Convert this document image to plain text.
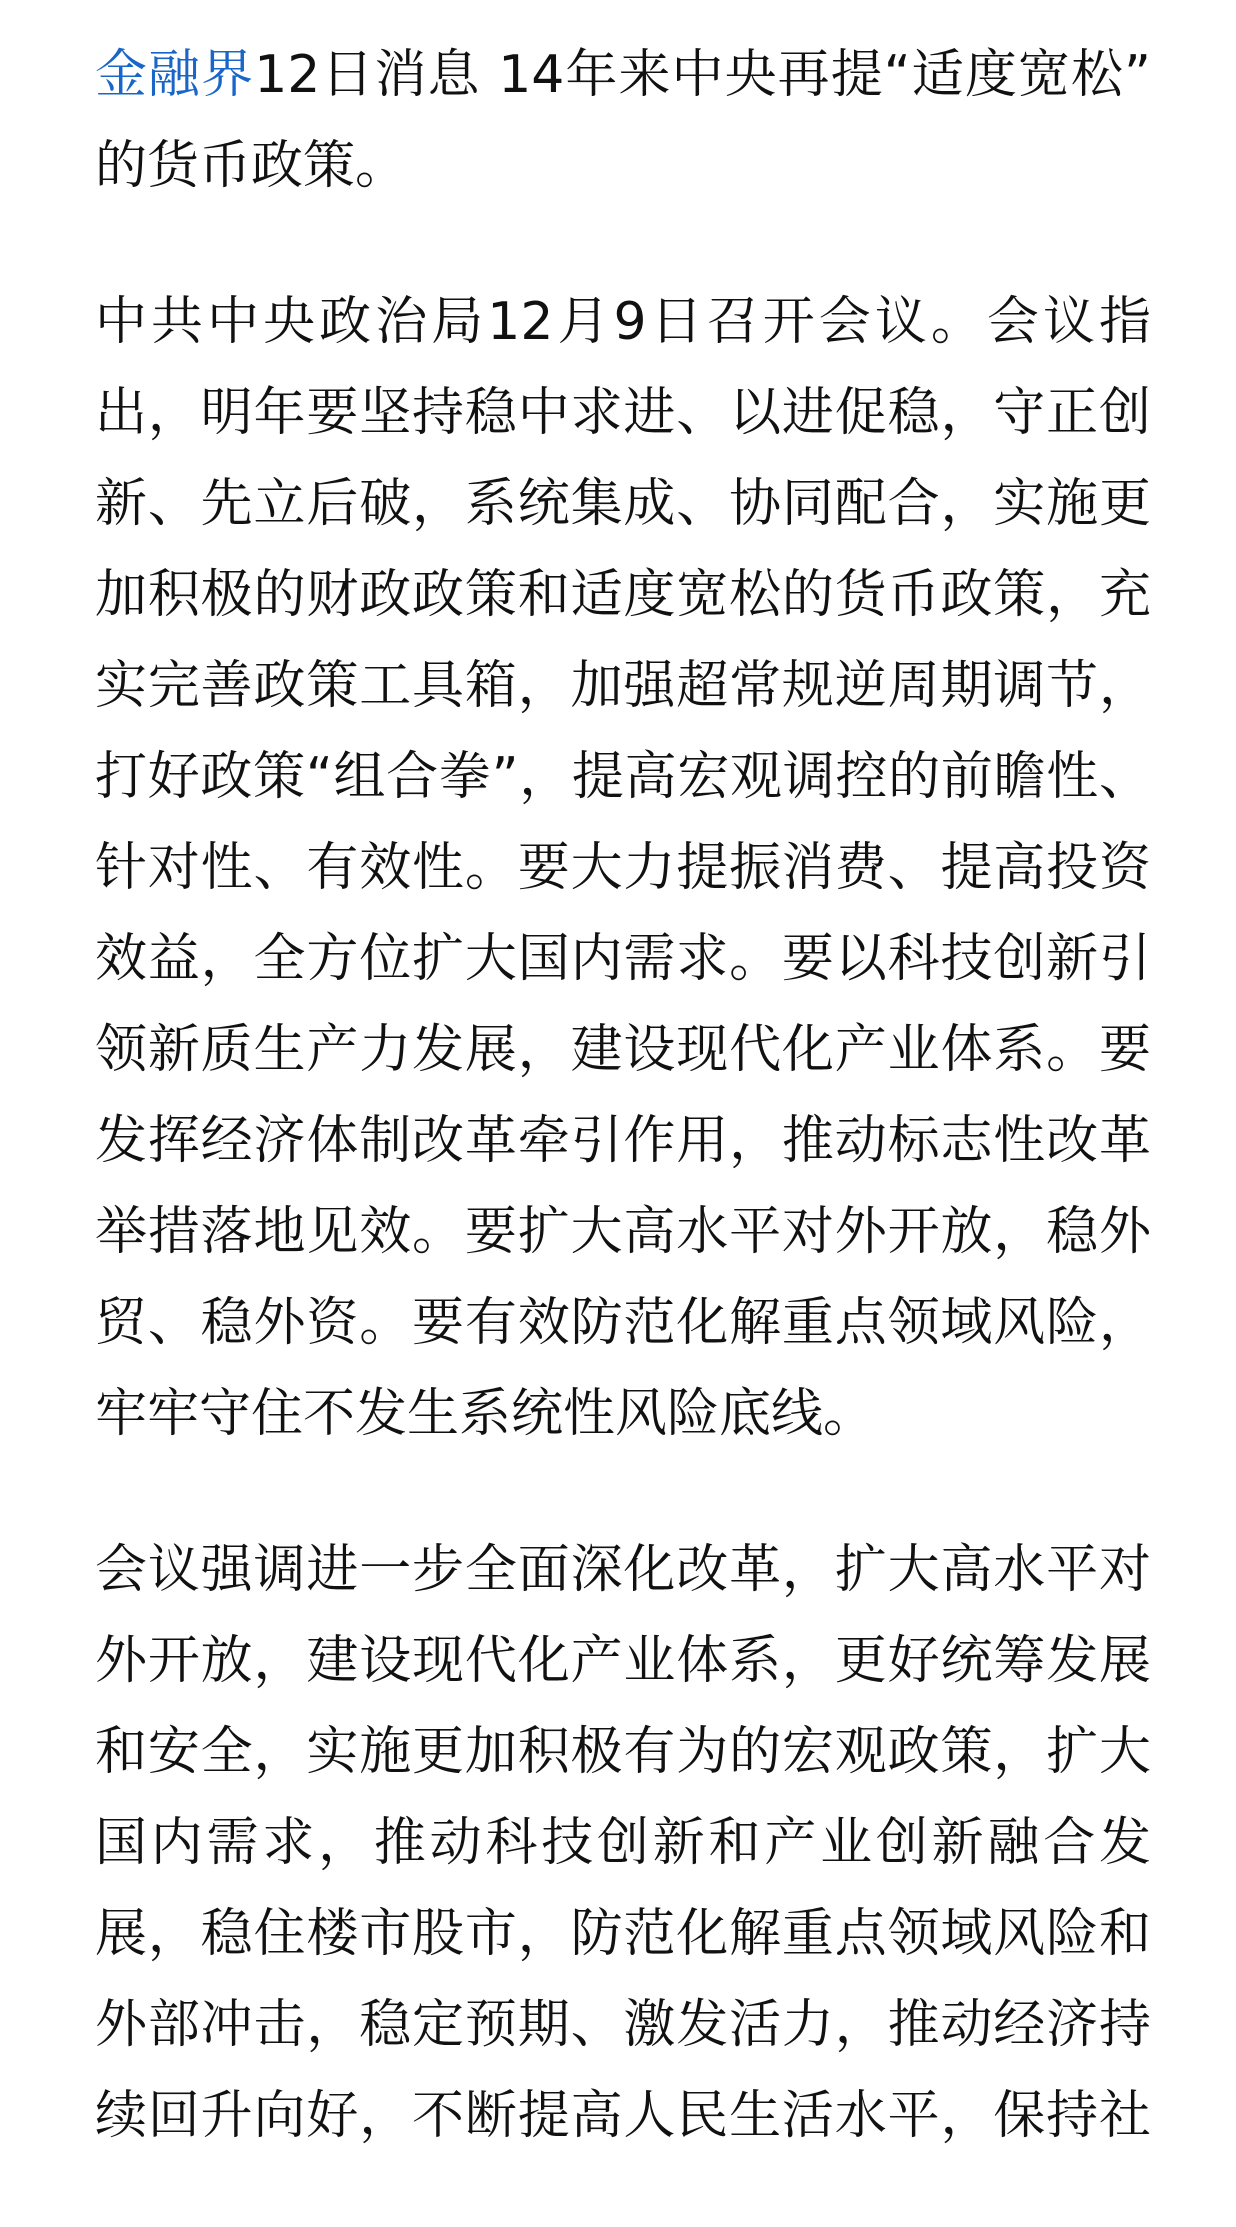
金融界12日消息 14年来中央再提“适度宽松”
的货币政策。
中共中央政治局12月9日召开会议。会议指
出，明年要坚持稳中求进、以进促稳，守正创
新、先立后破，系统集成、协同配合，实施更
加积极的财政政策和适度宽松的货币政策，充
实完善政策工具箱，加强超常规逆周期调节，
打好政策“组合拳”，提高宏观调控的前瞻性、
针对性、有效性。要大力提振消费、提高投资
效益，全方位扩大国内需求。要以科技创新引
领新质生产力发展，建设现代化产业体系。要
发挥经济体制改革牵引作用，推动标志性改革
举措落地见效。要扩大高水平对外开放，稳外
贸、稳外资。要有效防范化解重点领域风险，
牢牢守住不发生系统性风险底线。
会议强调进一步全面深化改革，扩大高水平对
外开放，建设现代化产业体系，更好统筹发展
和安全，实施更加积极有为的宏观政策，扩大
国内需求，推动科技创新和产业创新融合发
展，稳住楼市股市，防范化解重点领域风险和
外部冲击，稳定预期、激发活力，推动经济持
续回升向好，不断提高人民生活水平，保持社
